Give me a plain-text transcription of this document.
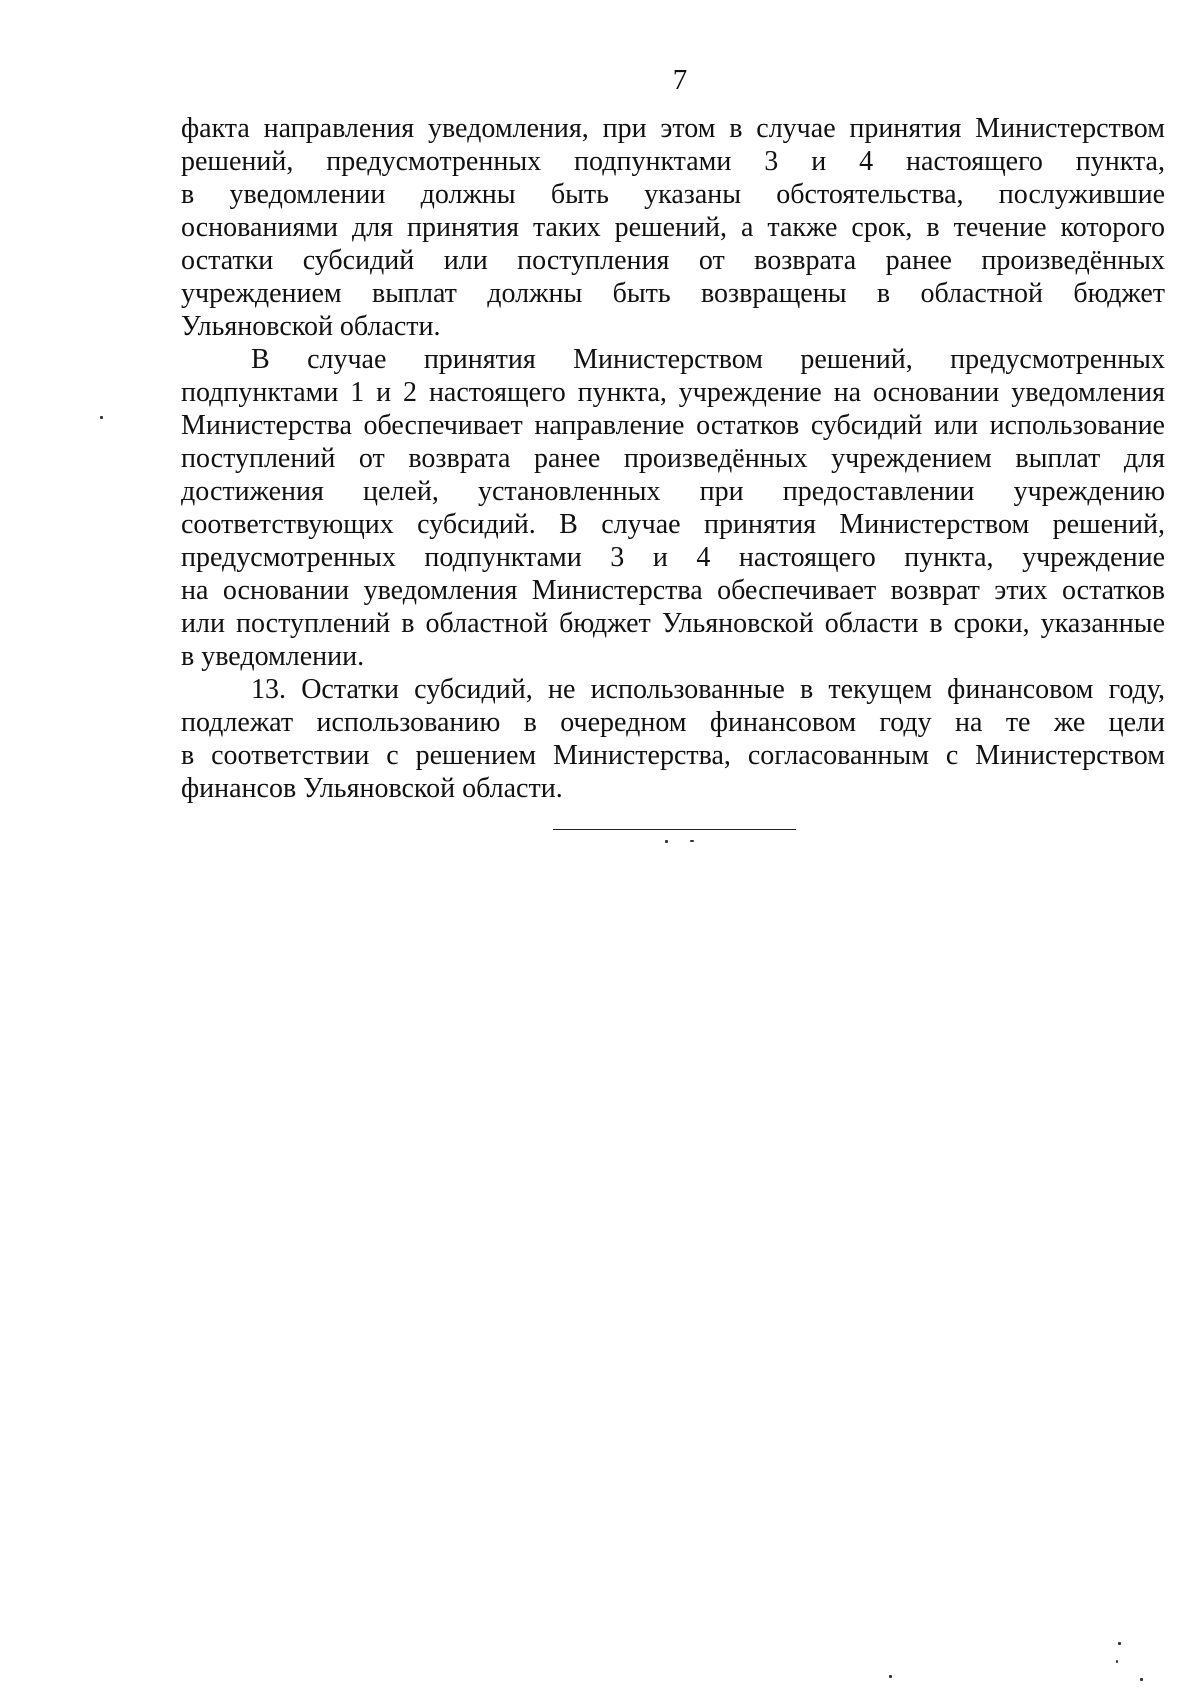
7
факта направления уведомления, при этом в случае принятия Министерством
решений, предусмотренных подпунктами 3 и 4 настоящего пункта,
в уведомлении должны быть указаны обстоятельства, послужившие
основаниями для принятия таких решений, а также срок, в течение которого
остатки субсидий или поступления от возврата ранее произведённых
учреждением выплат должны быть возвращены в областной бюджет
Ульяновской области.
В случае принятия Министерством решений, предусмотренных
подпунктами 1 и 2 настоящего пункта, учреждение на основании уведомления
Министерства обеспечивает направление остатков субсидий или использование
поступлений от возврата ранее произведённых учреждением выплат для
достижения целей, установленных при предоставлении учреждению
соответствующих субсидий. В случае принятия Министерством решений,
предусмотренных подпунктами 3 и 4 настоящего пункта, учреждение
на основании уведомления Министерства обеспечивает возврат этих остатков
или поступлений в областной бюджет Ульяновской области в сроки, указанные
в уведомлении.
13. Остатки субсидий, не использованные в текущем финансовом году,
подлежат использованию в очередном финансовом году на те же цели
в соответствии с решением Министерства, согласованным с Министерством
финансов Ульяновской области.
